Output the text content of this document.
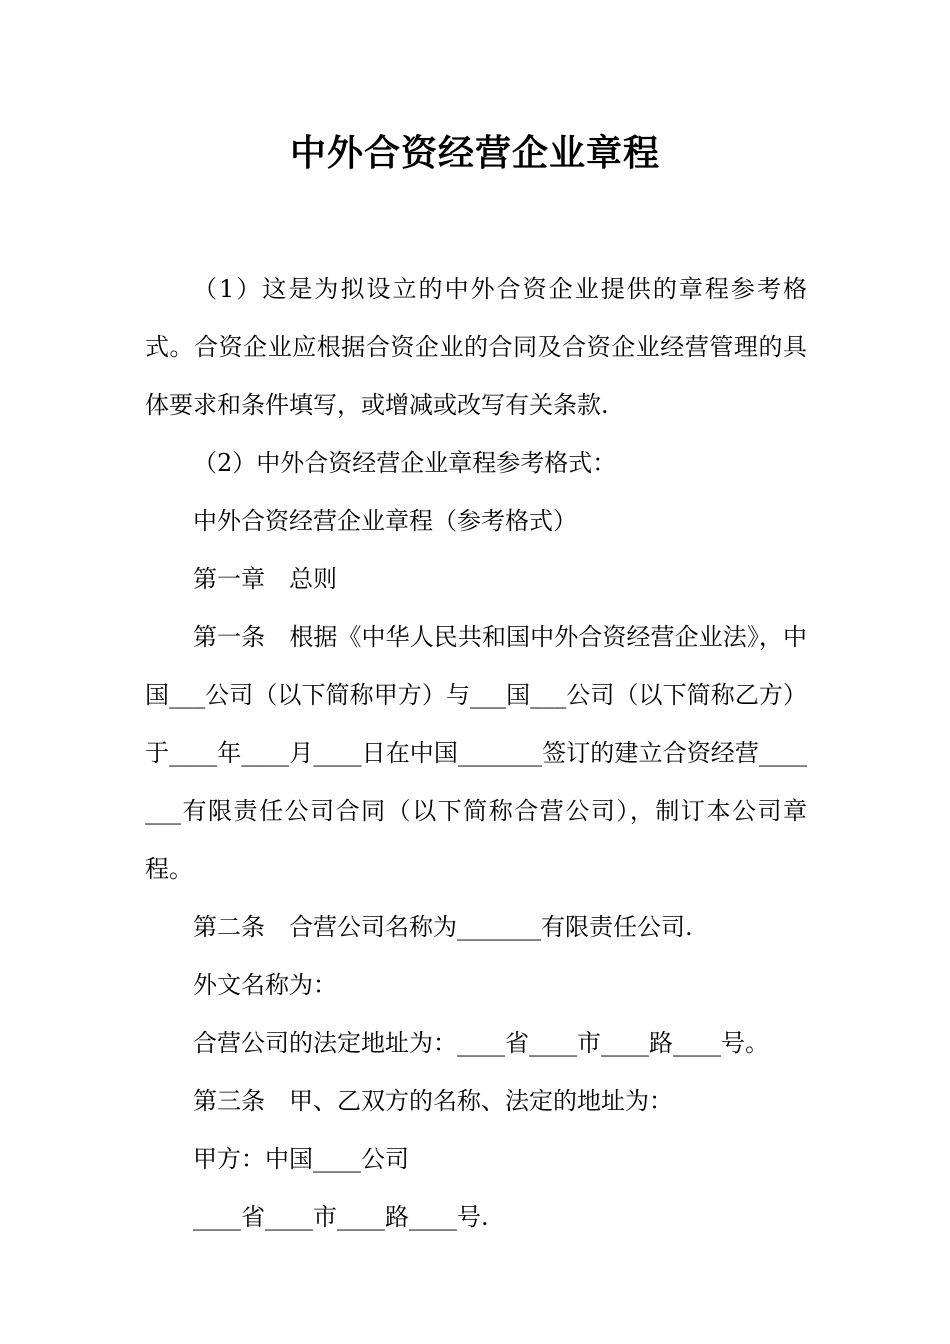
中外合资经营企业章程

（1）这是为拟设立的中外合资企业提供的章程参考格式。合资企业应根据合资企业的合同及合资企业经营管理的具体要求和条件填写，或增减或改写有关条款.

（2）中外合资经营企业章程参考格式：

中外合资经营企业章程（参考格式）

第一章　总则

第一条　根据《中华人民共和国中外合资经营企业法》，中国___公司（以下简称甲方）与___国___公司（以下简称乙方）于____年____月____日在中国_______签订的建立合资经营_______有限责任公司合同（以下简称合营公司），制订本公司章程。

第二条　合营公司名称为_______有限责任公司.

外文名称为：

合营公司的法定地址为：____省____市____路____号。

第三条　甲、乙双方的名称、法定的地址为：

甲方：中国____公司

____省____市____路____号.
